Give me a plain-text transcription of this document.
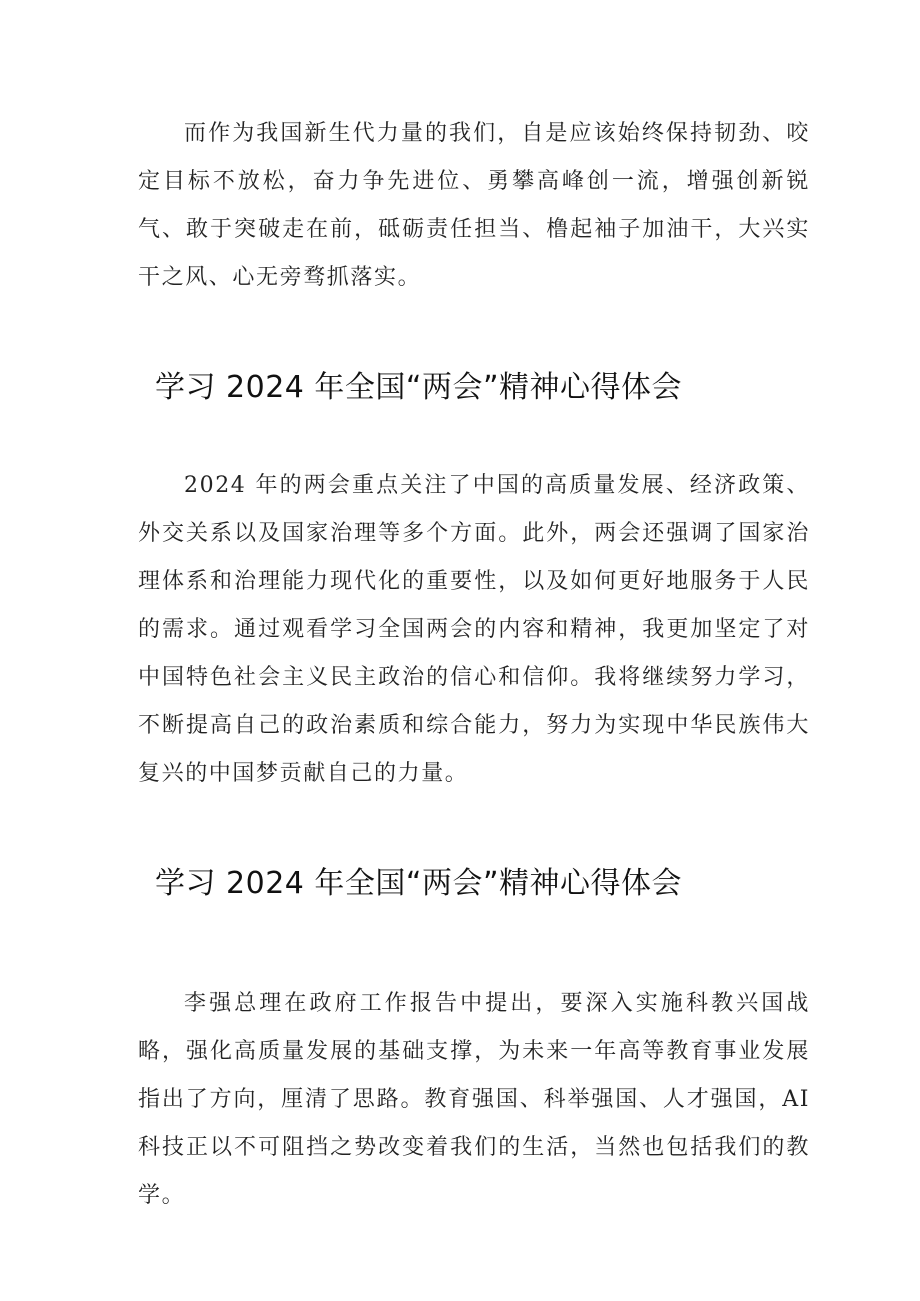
而作为我国新生代力量的我们，自是应该始终保持韧劲、咬定目标不放松，奋力争先进位、勇攀高峰创一流，增强创新锐气、敢于突破走在前，砥砺责任担当、橹起袖子加油干，大兴实干之风、心无旁骛抓落实。

学习 2024 年全国“两会”精神心得体会

2024 年的两会重点关注了中国的高质量发展、经济政策、外交关系以及国家治理等多个方面。此外，两会还强调了国家治理体系和治理能力现代化的重要性，以及如何更好地服务于人民的需求。通过观看学习全国两会的内容和精神，我更加坚定了对中国特色社会主义民主政治的信心和信仰。我将继续努力学习，不断提高自己的政治素质和综合能力，努力为实现中华民族伟大复兴的中国梦贡献自己的力量。

学习 2024 年全国“两会”精神心得体会

李强总理在政府工作报告中提出，要深入实施科教兴国战略，强化高质量发展的基础支撑，为未来一年高等教育事业发展指出了方向，厘清了思路。教育强国、科举强国、人才强国，AI 科技正以不可阻挡之势改变着我们的生活，当然也包括我们的教学。
